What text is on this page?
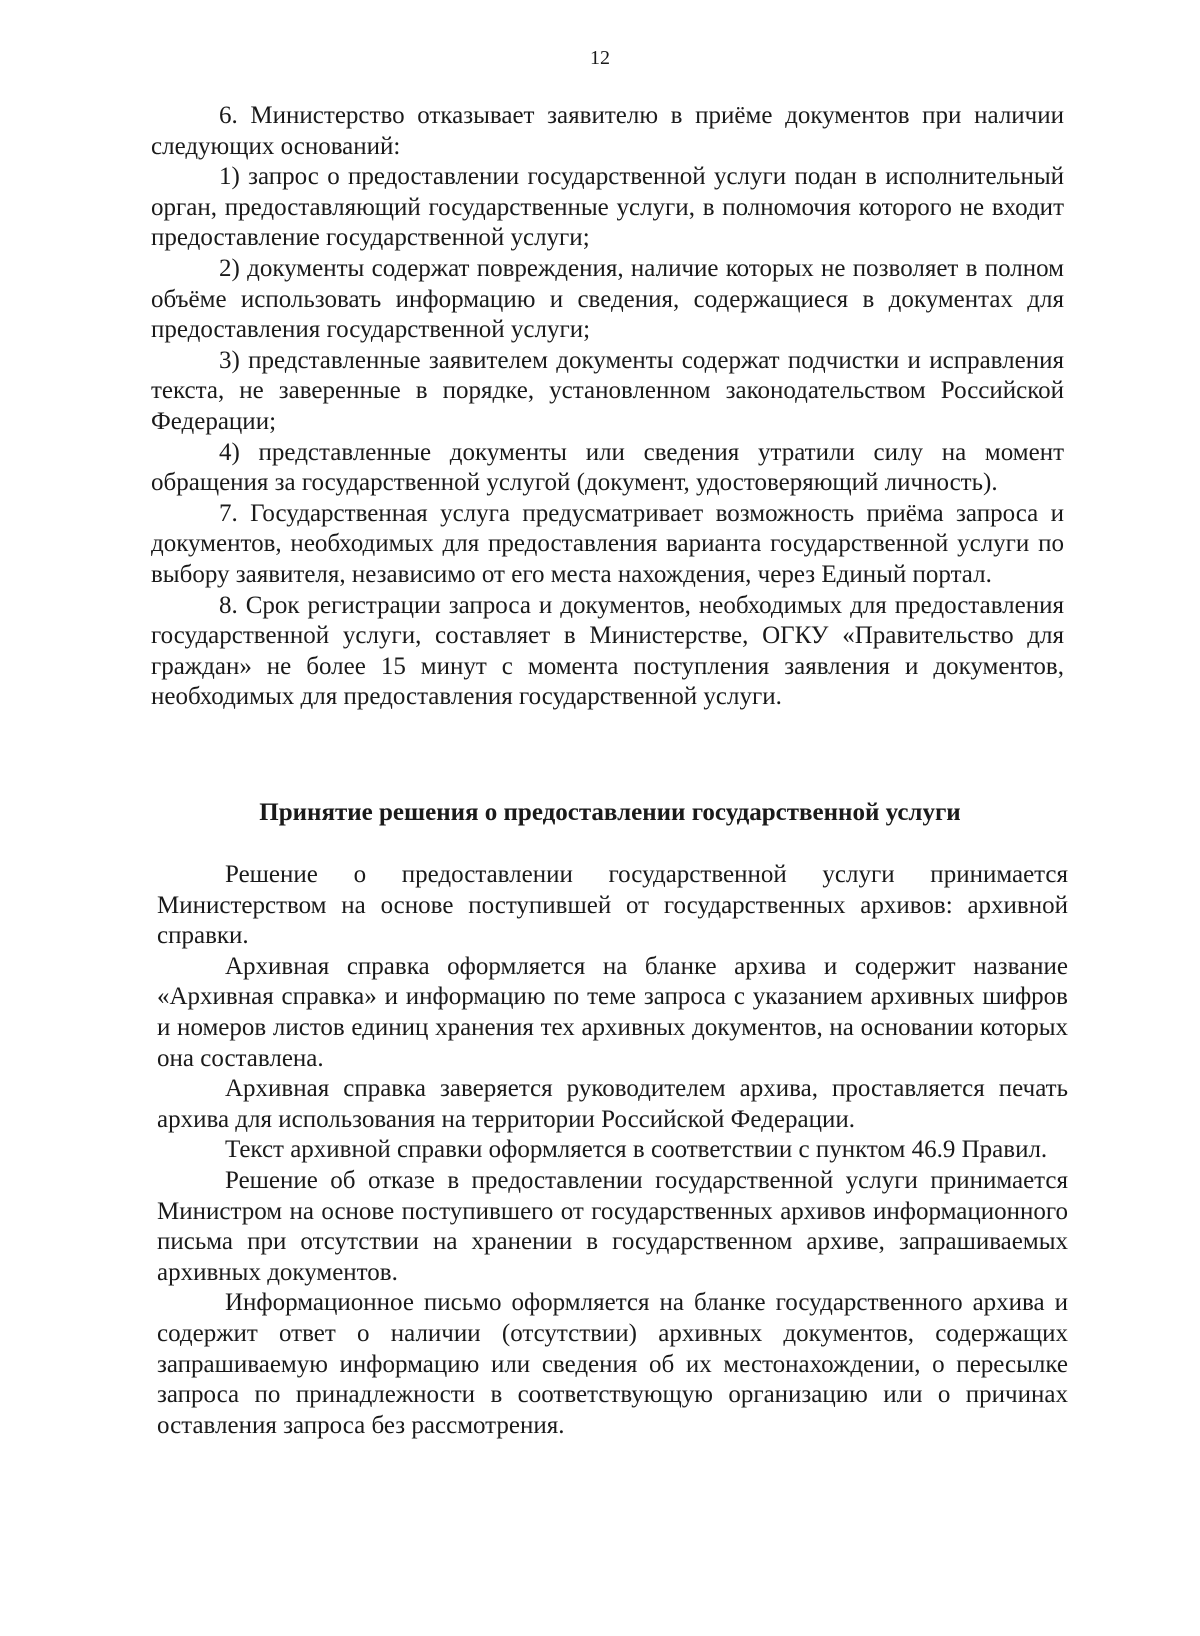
12

6. Министерство отказывает заявителю в приёме документов при наличии следующих оснований:

1) запрос о предоставлении государственной услуги подан в исполнительный орган, предоставляющий государственные услуги, в полномочия которого не входит предоставление государственной услуги;

2) документы содержат повреждения, наличие которых не позволяет в полном объёме использовать информацию и сведения, содержащиеся в документах для предоставления государственной услуги;

3) представленные заявителем документы содержат подчистки и исправления текста, не заверенные в порядке, установленном законодательством Российской Федерации;

4) представленные документы или сведения утратили силу на момент обращения за государственной услугой (документ, удостоверяющий личность).

7. Государственная услуга предусматривает возможность приёма запроса и документов, необходимых для предоставления варианта государственной услуги по выбору заявителя, независимо от его места нахождения, через Единый портал.

8. Срок регистрации запроса и документов, необходимых для предоставления государственной услуги, составляет в Министерстве, ОГКУ «Правительство для граждан» не более 15 минут с момента поступления заявления и документов, необходимых для предоставления государственной услуги.

Принятие решения о предоставлении государственной услуги

Решение о предоставлении государственной услуги принимается Министерством на основе поступившей от государственных архивов: архивной справки.

Архивная справка оформляется на бланке архива и содержит название «Архивная справка» и информацию по теме запроса с указанием архивных шифров и номеров листов единиц хранения тех архивных документов, на основании которых она составлена.

Архивная справка заверяется руководителем архива, проставляется печать архива для использования на территории Российской Федерации.

Текст архивной справки оформляется в соответствии с пунктом 46.9 Правил.

Решение об отказе в предоставлении государственной услуги принимается Министром на основе поступившего от государственных архивов информационного письма при отсутствии на хранении в государственном архиве, запрашиваемых архивных документов.

Информационное письмо оформляется на бланке государственного архива и содержит ответ о наличии (отсутствии) архивных документов, содержащих запрашиваемую информацию или сведения об их местонахождении, о пересылке запроса по принадлежности в соответствующую организацию или о причинах оставления запроса без рассмотрения.
